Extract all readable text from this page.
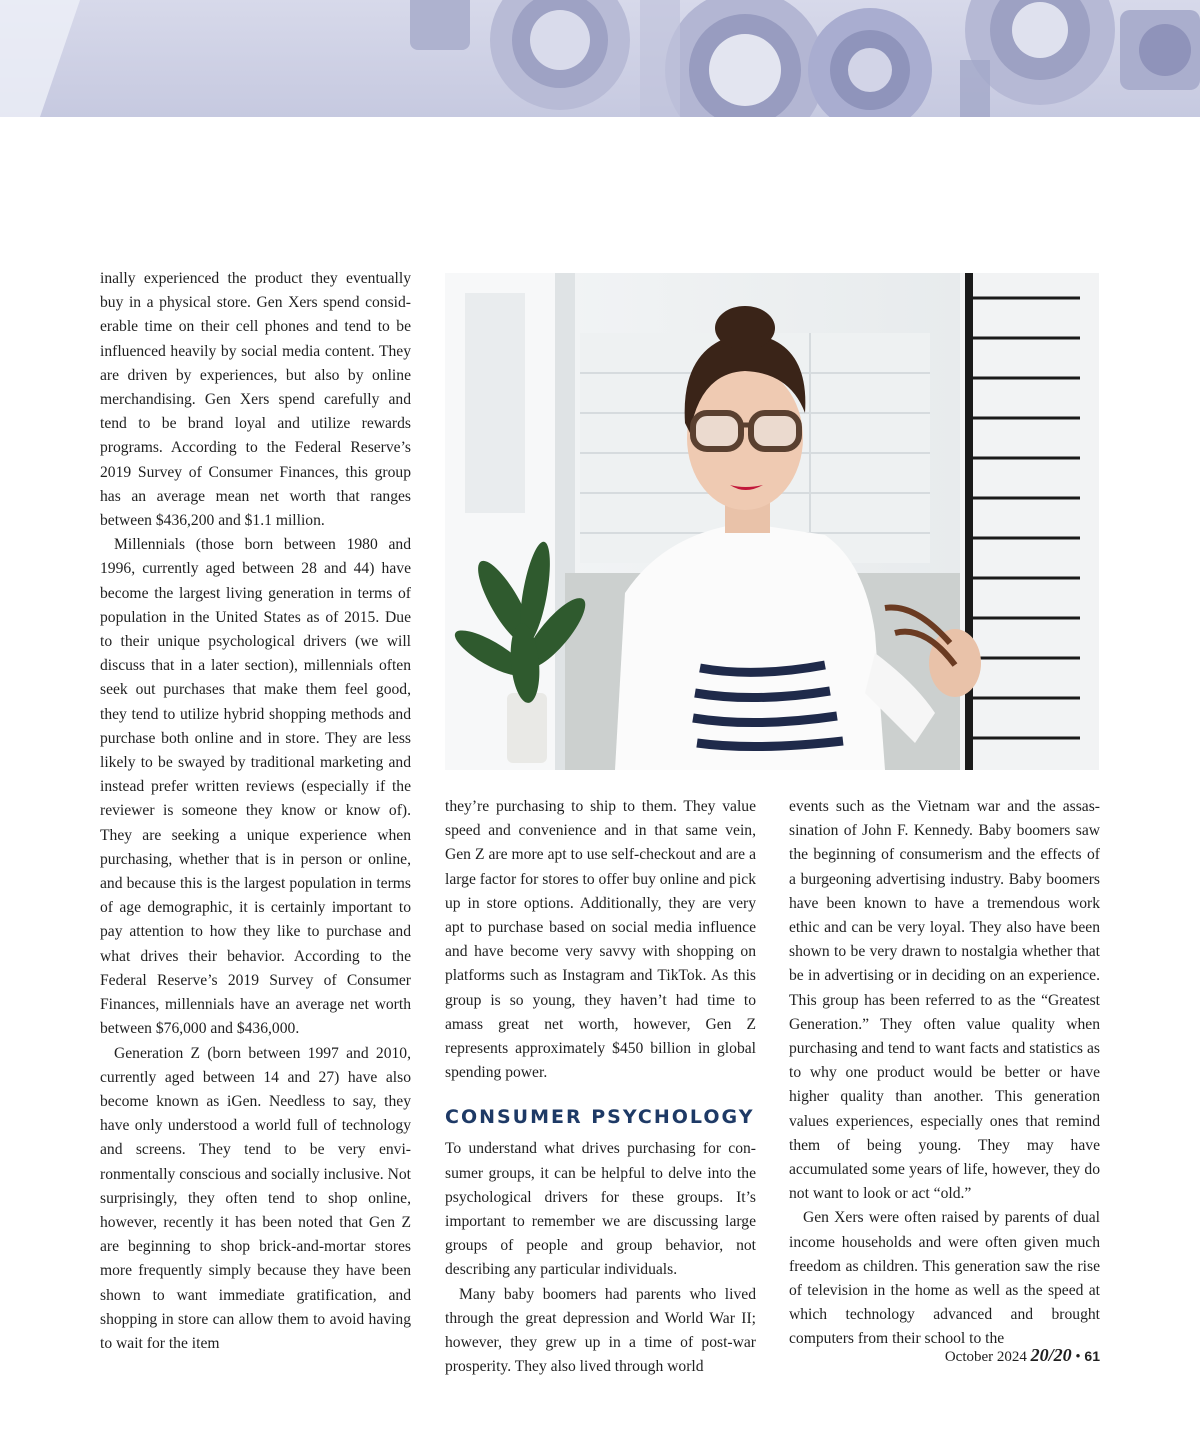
inally experienced the product they eventually buy in a physical store. Gen Xers spend considerable time on their cell phones and tend to be influenced heavily by social media content. They are driven by experiences, but also by online merchandising. Gen Xers spend carefully and tend to be brand loyal and utilize rewards programs. According to the Federal Reserve’s 2019 Survey of Consumer Finances, this group has an average mean net worth that ranges between $436,200 and $1.1 million.

Millennials (those born between 1980 and 1996, currently aged between 28 and 44) have become the largest living generation in terms of population in the United States as of 2015. Due to their unique psychological drivers (we will discuss that in a later section), millennials often seek out purchases that make them feel good, they tend to utilize hybrid shopping methods and purchase both online and in store. They are less likely to be swayed by traditional marketing and instead prefer written reviews (especially if the reviewer is someone they know or know of). They are seeking a unique experience when purchasing, whether that is in person or online, and because this is the largest population in terms of age demographic, it is certainly important to pay attention to how they like to purchase and what drives their behavior. According to the Federal Reserve’s 2019 Survey of Consumer Finances, millennials have an average net worth between $76,000 and $436,000.

Generation Z (born between 1997 and 2010, currently aged between 14 and 27) have also become known as iGen. Needless to say, they have only understood a world full of technology and screens. They tend to be very environmentally conscious and socially inclusive. Not surprisingly, they often tend to shop online, however, recently it has been noted that Gen Z are beginning to shop brick-and-mortar stores more frequently simply because they have been shown to want immediate gratification, and shopping in store can allow them to avoid having to wait for the item

they’re purchasing to ship to them. They value speed and convenience and in that same vein, Gen Z are more apt to use self-checkout and are a large factor for stores to offer buy online and pick up in store options. Additionally, they are very apt to purchase based on social media influence and have become very savvy with shopping on platforms such as Instagram and TikTok. As this group is so young, they haven’t had time to amass great net worth, however, Gen Z represents approximately $450 billion in global spending power.

CONSUMER PSYCHOLOGY

To understand what drives purchasing for consumer groups, it can be helpful to delve into the psychological drivers for these groups. It’s important to remember we are discussing large groups of people and group behavior, not describing any particular individuals.

Many baby boomers had parents who lived through the great depression and World War II; however, they grew up in a time of post-war prosperity. They also lived through world

events such as the Vietnam war and the assassination of John F. Kennedy. Baby boomers saw the beginning of consumerism and the effects of a burgeoning advertising industry. Baby boomers have been known to have a tremendous work ethic and can be very loyal. They also have been shown to be very drawn to nostalgia whether that be in advertising or in deciding on an experience. This group has been referred to as the “Greatest Generation.” They often value quality when purchasing and tend to want facts and statistics as to why one product would be better or have higher quality than another. This generation values experiences, especially ones that remind them of being young. They may have accumulated some years of life, however, they do not want to look or act “old.”

Gen Xers were often raised by parents of dual income households and were often given much freedom as children. This generation saw the rise of television in the home as well as the speed at which technology advanced and brought computers from their school to the

October 2024 20/20 • 61
